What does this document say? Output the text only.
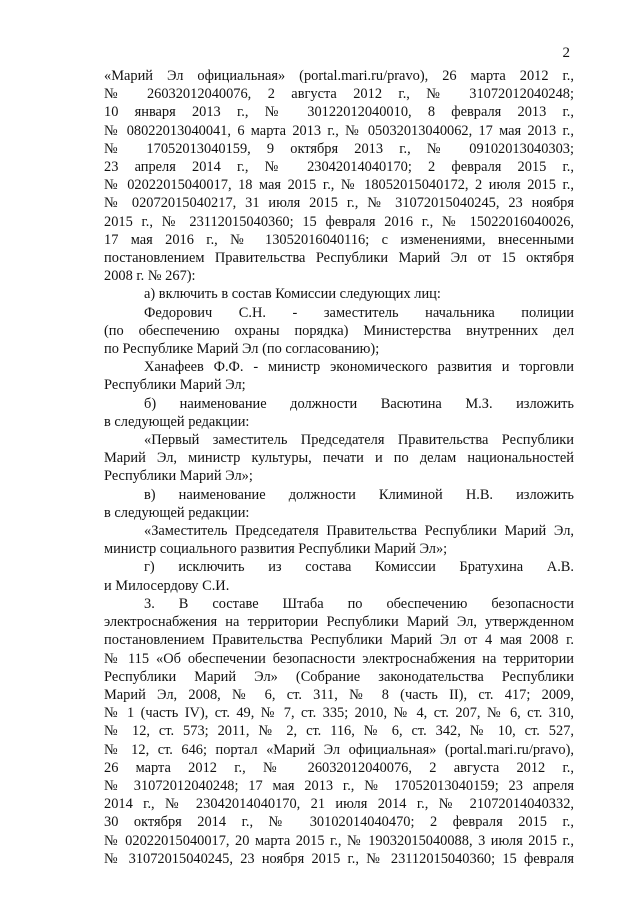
2
«Марий Эл официальная» (portal.mari.ru/pravo), 26 марта 2012 г.,
№ 26032012040076, 2 августа 2012 г., № 31072012040248;
10 января 2013 г., № 30122012040010, 8 февраля 2013 г.,
№ 08022013040041, 6 марта 2013 г., № 05032013040062, 17 мая 2013 г.,
№ 17052013040159, 9 октября 2013 г., № 09102013040303;
23 апреля 2014 г., № 23042014040170; 2 февраля 2015 г.,
№ 02022015040017, 18 мая 2015 г., № 18052015040172, 2 июля 2015 г.,
№ 02072015040217, 31 июля 2015 г., № 31072015040245, 23 ноября
2015 г., № 23112015040360; 15 февраля 2016 г., № 15022016040026,
17 мая 2016 г., № 13052016040116; с изменениями, внесенными
постановлением Правительства Республики Марий Эл от 15 октября
2008 г. № 267):
а) включить в состав Комиссии следующих лиц:
Федорович С.Н. - заместитель начальника полиции
(по обеспечению охраны порядка) Министерства внутренних дел
по Республике Марий Эл (по согласованию);
Ханафеев Ф.Ф. - министр экономического развития и торговли
Республики Марий Эл;
б) наименование должности Васютина М.З. изложить
в следующей редакции:
«Первый заместитель Председателя Правительства Республики
Марий Эл, министр культуры, печати и по делам национальностей
Республики Марий Эл»;
в) наименование должности Климиной Н.В. изложить
в следующей редакции:
«Заместитель Председателя Правительства Республики Марий Эл,
министр социального развития Республики Марий Эл»;
г) исключить из состава Комиссии Братухина А.В.
и Милосердову С.И.
3. В составе Штаба по обеспечению безопасности
электроснабжения на территории Республики Марий Эл, утвержденном
постановлением Правительства Республики Марий Эл от 4 мая 2008 г.
№ 115 «Об обеспечении безопасности электроснабжения на территории
Республики Марий Эл» (Собрание законодательства Республики
Марий Эл, 2008, № 6, ст. 311, № 8 (часть II), ст. 417; 2009,
№ 1 (часть IV), ст. 49, № 7, ст. 335; 2010, № 4, ст. 207, № 6, ст. 310,
№ 12, ст. 573; 2011, № 2, ст. 116, № 6, ст. 342, № 10, ст. 527,
№ 12, ст. 646; портал «Марий Эл официальная» (portal.mari.ru/pravo),
26 марта 2012 г., № 26032012040076, 2 августа 2012 г.,
№ 31072012040248; 17 мая 2013 г., № 17052013040159; 23 апреля
2014 г., № 23042014040170, 21 июля 2014 г., № 21072014040332,
30 октября 2014 г., № 30102014040470; 2 февраля 2015 г.,
№ 02022015040017, 20 марта 2015 г., № 19032015040088, 3 июля 2015 г.,
№ 31072015040245, 23 ноября 2015 г., № 23112015040360; 15 февраля
